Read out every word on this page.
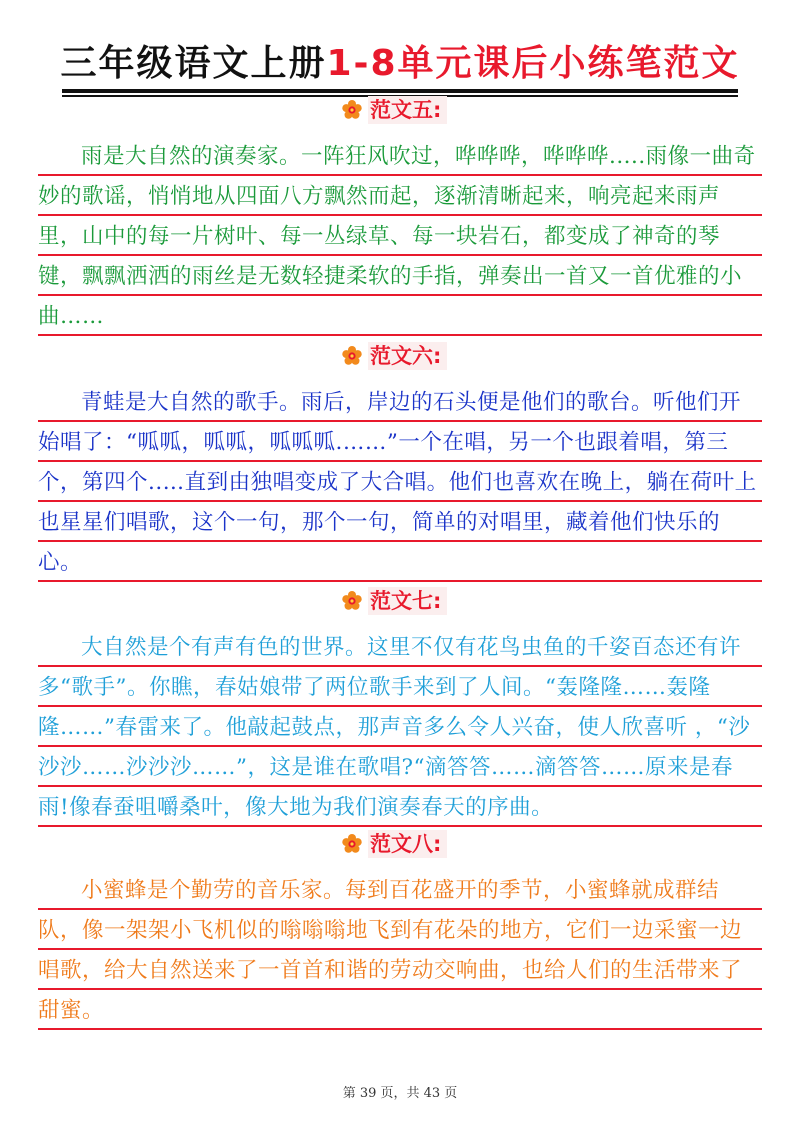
三年级语文上册1-8单元课后小练笔范文
范文五:

雨是大自然的演奏家。一阵狂风吹过，哗哗哗，哗哗哗.....雨像一曲奇妙的歌谣，悄悄地从四面八方飘然而起，逐渐清晰起来，响亮起来雨声里，山中的每一片树叶、每一丛绿草、每一块岩石，都变成了神奇的琴键，飘飘洒洒的雨丝是无数轻捷柔软的手指，弹奏出一首又一首优雅的小曲……

范文六:

青蛙是大自然的歌手。雨后，岸边的石头便是他们的歌台。听他们开始唱了：“呱呱，呱呱，呱呱呱.……”一个在唱，另一个也跟着唱，第三个，第四个..…直到由独唱变成了大合唱。他们也喜欢在晚上，躺在荷叶上也星星们唱歌，这个一句，那个一句，简单的对唱里，藏着他们快乐的心。

范文七:

大自然是个有声有色的世界。这里不仅有花鸟虫鱼的千姿百态还有许多“歌手”。你瞧，春姑娘带了两位歌手来到了人间。“轰隆隆……轰隆隆……”春雷来了。他敲起鼓点，那声音多么令人兴奋，使人欣喜听 ，“沙沙沙……沙沙沙……”，这是谁在歌唱?“滴答答……滴答答……原来是春雨!像春蚕咀嚼桑叶，像大地为我们演奏春天的序曲。

范文八:

小蜜蜂是个勤劳的音乐家。每到百花盛开的季节，小蜜蜂就成群结队，像一架架小飞机似的嗡嗡嗡地飞到有花朵的地方，它们一边采蜜一边唱歌，给大自然送来了一首首和谐的劳动交响曲，也给人们的生活带来了甜蜜。

第 39 页，共 43 页
